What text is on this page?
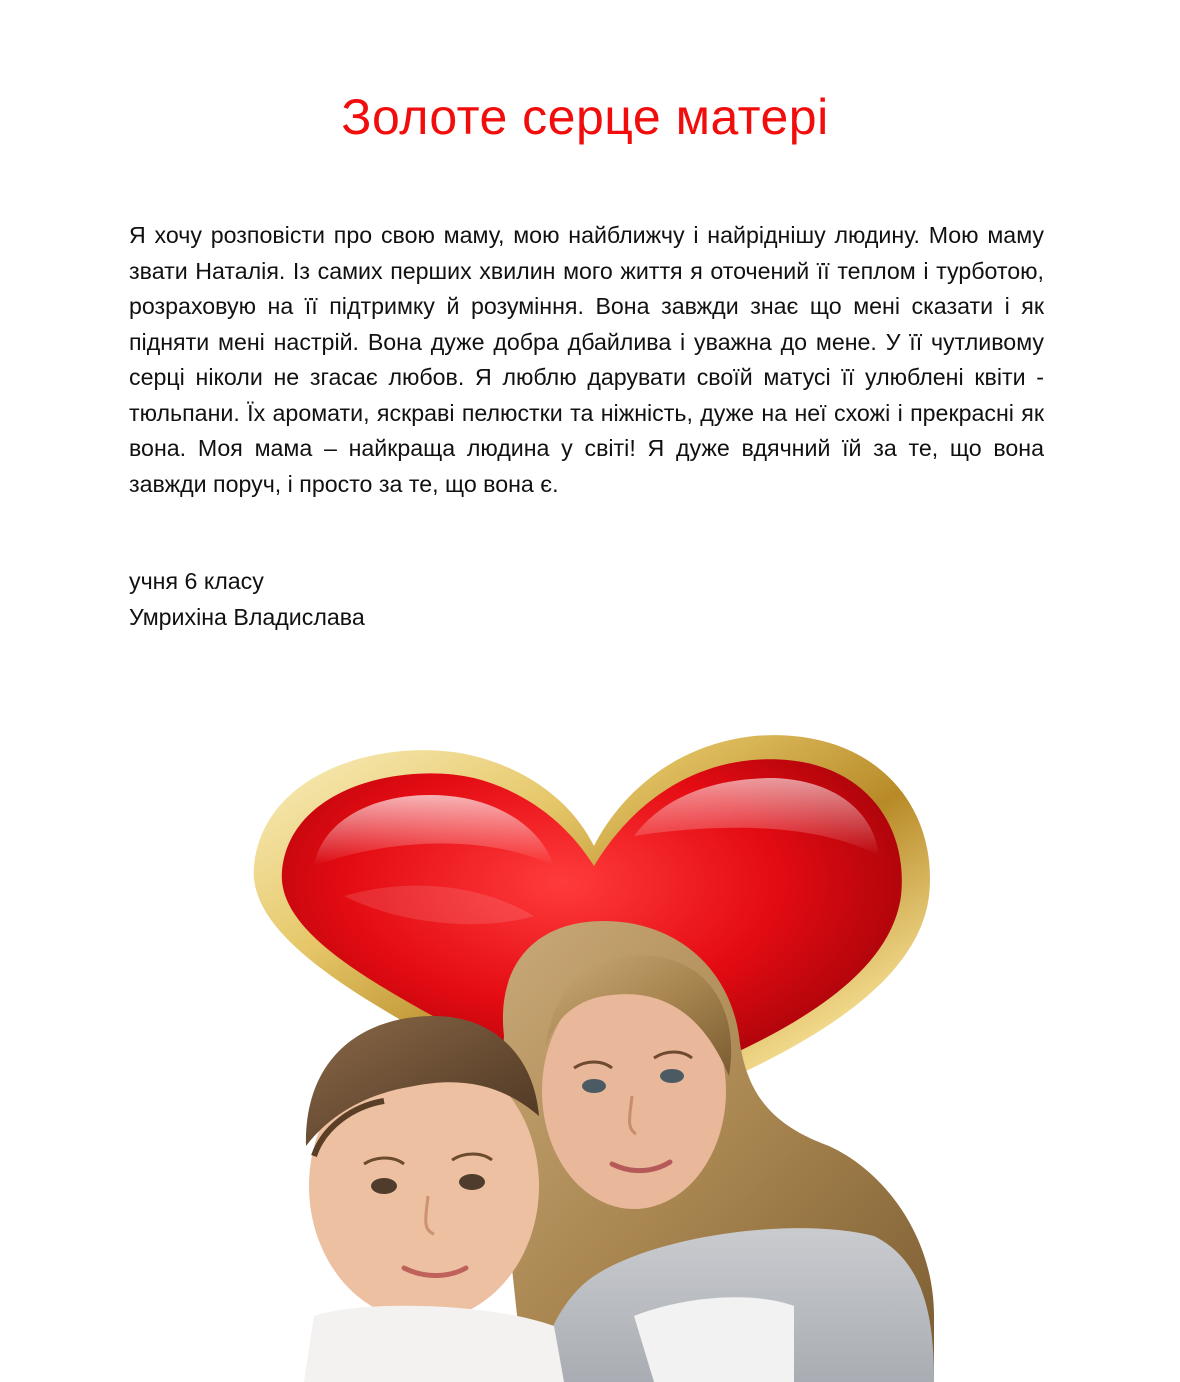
Золоте серце матері

Я хочу розповісти про свою маму, мою найближчу і найріднішу людину. Мою маму звати Наталія. Із самих перших хвилин мого життя я оточений її теплом і турботою, розраховую на її підтримку й розуміння. Вона завжди знає що мені сказати і як підняти мені настрій. Вона дуже добра дбайлива і уважна до мене. У її чутливому серці ніколи не згасає любов. Я люблю дарувати своїй матусі її улюблені квіти - тюльпани. Їх аромати, яскраві пелюстки та ніжність, дуже на неї схожі і прекрасні як вона. Моя мама – найкраща людина у світі! Я дуже вдячний їй за те, що вона завжди поруч, і просто за те, що вона є.

учня 6 класу
Умрихіна Владислава
